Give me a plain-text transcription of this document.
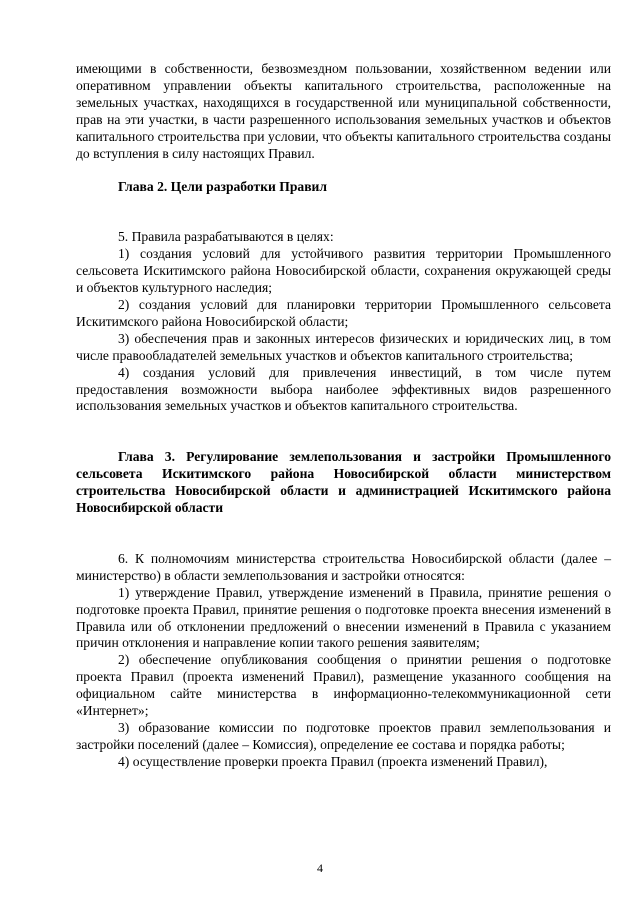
имеющими в собственности, безвозмездном пользовании, хозяйственном ведении или оперативном управлении объекты капитального строительства, расположенные на земельных участках, находящихся в государственной или муниципальной собственности, прав на эти участки, в части разрешенного использования земельных участков и объектов капитального строительства при условии, что объекты капитального строительства созданы до вступления в силу настоящих Правил.

Глава 2. Цели разработки Правил

5. Правила разрабатываются в целях:

1) создания условий для устойчивого развития территории Промышленного сельсовета Искитимского района Новосибирской области, сохранения окружающей среды и объектов культурного наследия;

2) создания условий для планировки территории Промышленного сельсовета Искитимского района Новосибирской области;

3) обеспечения прав и законных интересов физических и юридических лиц, в том числе правообладателей земельных участков и объектов капитального строительства;

4) создания условий для привлечения инвестиций, в том числе путем предоставления возможности выбора наиболее эффективных видов разрешенного использования земельных участков и объектов капитального строительства.

Глава 3. Регулирование землепользования и застройки Промышленного сельсовета Искитимского района Новосибирской области министерством строительства Новосибирской области и администрацией Искитимского района Новосибирской области

6. К полномочиям министерства строительства Новосибирской области (далее – министерство) в области землепользования и застройки относятся:

1) утверждение Правил, утверждение изменений в Правила, принятие решения о подготовке проекта Правил, принятие решения о подготовке проекта внесения изменений в Правила или об отклонении предложений о внесении изменений в Правила с указанием причин отклонения и направление копии такого решения заявителям;

2) обеспечение опубликования сообщения о принятии решения о подготовке проекта Правил (проекта изменений Правил), размещение указанного сообщения на официальном сайте министерства в информационно-телекоммуникационной сети «Интернет»;

3) образование комиссии по подготовке проектов правил землепользования и застройки поселений (далее – Комиссия), определение ее состава и порядка работы;

4) осуществление проверки проекта Правил (проекта изменений Правил),

4
